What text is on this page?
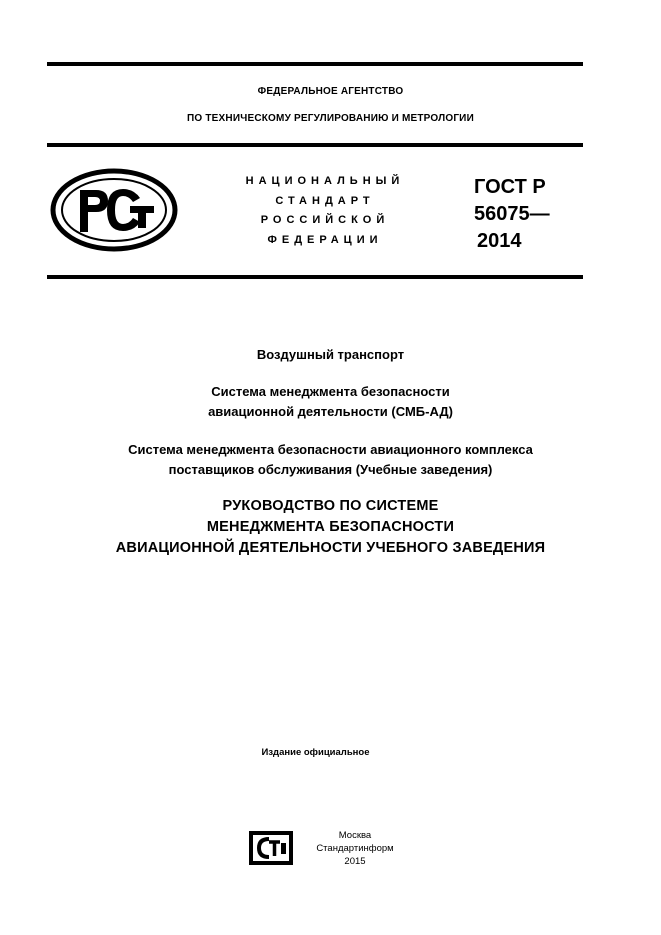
ФЕДЕРАЛЬНОЕ АГЕНТСТВО
ПО ТЕХНИЧЕСКОМУ РЕГУЛИРОВАНИЮ И МЕТРОЛОГИИ
НАЦИОНАЛЬНЫЙ
СТАНДАРТ
РОССИЙСКОЙ
ФЕДЕРАЦИИ
ГОСТ Р
56075—
2014
Воздушный транспорт
Система менеджмента безопасности
авиационной деятельности (СМБ-АД)
Система менеджмента безопасности авиационного комплекса
поставщиков обслуживания (Учебные заведения)
РУКОВОДСТВО ПО СИСТЕМЕ
МЕНЕДЖМЕНТА БЕЗОПАСНОСТИ
АВИАЦИОННОЙ ДЕЯТЕЛЬНОСТИ УЧЕБНОГО ЗАВЕДЕНИЯ
Издание официальное
Москва
Стандартинформ
2015
